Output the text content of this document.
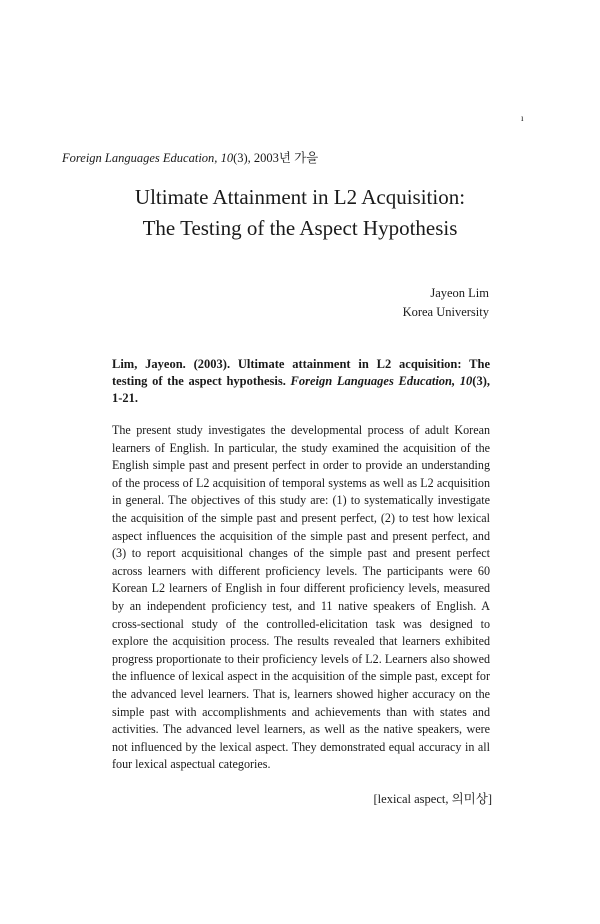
ı
Foreign Languages Education, 10(3), 2003년 가을
Ultimate Attainment in L2 Acquisition:
The Testing of the Aspect Hypothesis
Jayeon Lim
Korea University
Lim, Jayeon. (2003). Ultimate attainment in L2 acquisition: The testing of the aspect hypothesis. Foreign Languages Education, 10(3), 1-21.

The present study investigates the developmental process of adult Korean learners of English. In particular, the study examined the acquisition of the English simple past and present perfect in order to provide an understanding of the process of L2 acquisition of temporal systems as well as L2 acquisition in general. The objectives of this study are: (1) to systematically investigate the acquisition of the simple past and present perfect, (2) to test how lexical aspect influences the acquisition of the simple past and present perfect, and (3) to report acquisitional changes of the simple past and present perfect across learners with different proficiency levels. The participants were 60 Korean L2 learners of English in four different proficiency levels, measured by an independent proficiency test, and 11 native speakers of English. A cross-sectional study of the controlled-elicitation task was designed to explore the acquisition process. The results revealed that learners exhibited progress proportionate to their proficiency levels of L2. Learners also showed the influence of lexical aspect in the acquisition of the simple past, except for the advanced level learners. That is, learners showed higher accuracy on the simple past with accomplishments and achievements than with states and activities. The advanced level learners, as well as the native speakers, were not influenced by the lexical aspect. They demonstrated equal accuracy in all four lexical aspectual categories.

[lexical aspect, 의미상]
